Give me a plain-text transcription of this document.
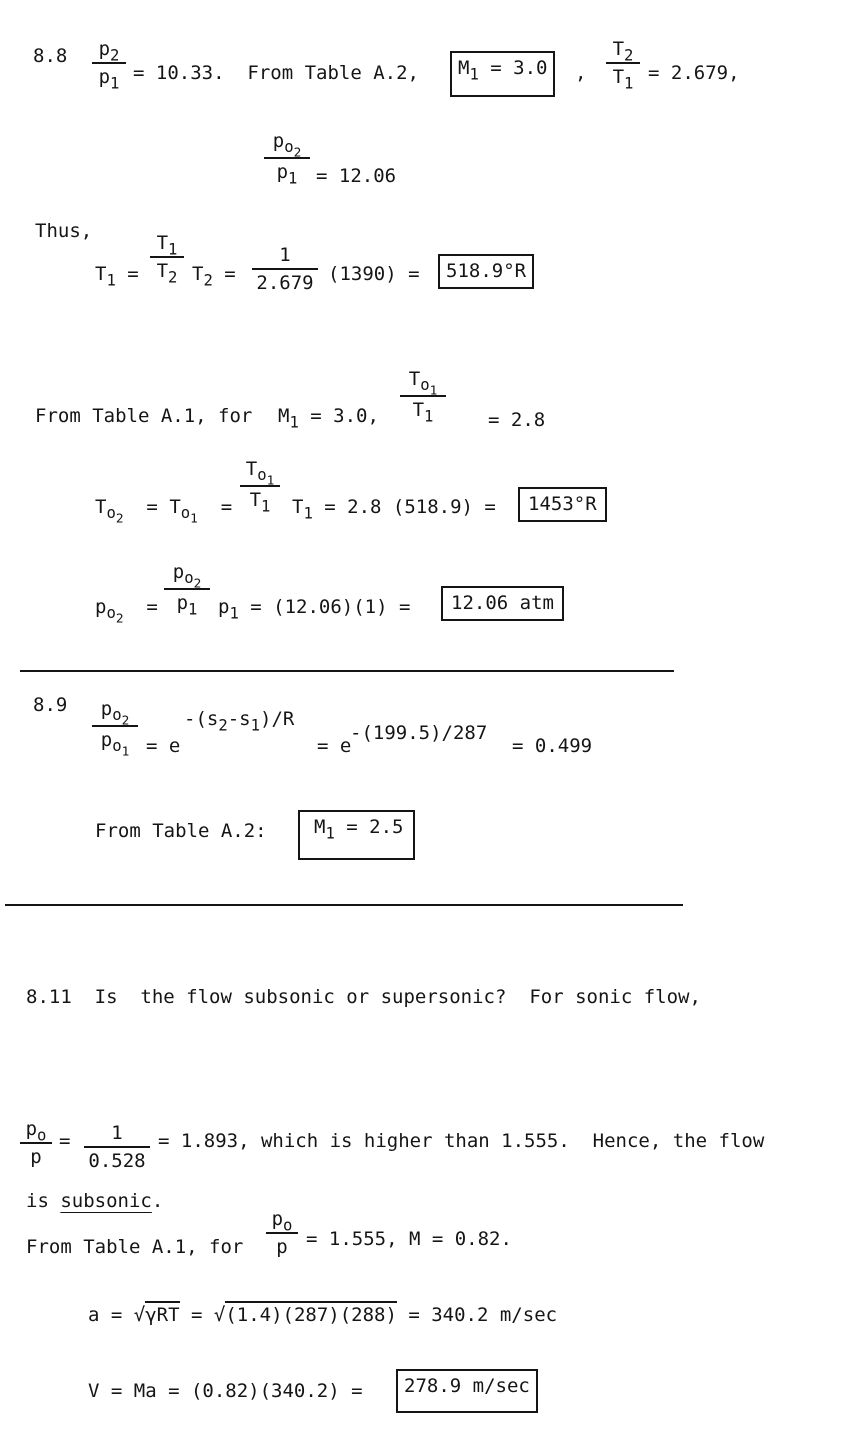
8.8	$p_2$
$p_1 = 10.33$.  From Table A.2,	$M_1 = 3.0$	,
$T_2$
$T_1 = 2.679$,
$p_{o_2}$
$p_1 = 12.06$
Thus,
$T_1$ =
$T_1$
$T_2$ $T_2$ =
1
2.679 (1390) =	518.9°R
From Table A.1, for $M_1 = 3.0$,
$T_{o_1}$
$T_1$	= 2.8
$T_{o_2} = T_{o_1}$  =
$T_{o_1}$
$T_1$	$T_1 = 2.8$ (518.9) =	1453°R
$p_{o_2}$  =
$p_{o_2}$
$p_1$	$p_1 = (12.06)(1)$ =	12.06 atm
8.9	$p_{o_2}$
$p_{o_1} = e$
$-(s_2-s_1)/R$
= e
-(199.5)/287
= 0.499
From Table A.2:	$M_1 = 2.5$
8.11  Is  the flow subsonic or supersonic?  For sonic flow,
$p_o$
p
=	1
0.528
= 1.893, which is higher than 1.555.  Hence, the flow
is subsonic.
From Table A.1, for
$p_o$
p = 1.555, M = 0.82.
a = √γRT = √(1.4)(287)(288) = 340.2 m/sec
V = Ma = (0.82)(340.2) =	278.9 m/sec
